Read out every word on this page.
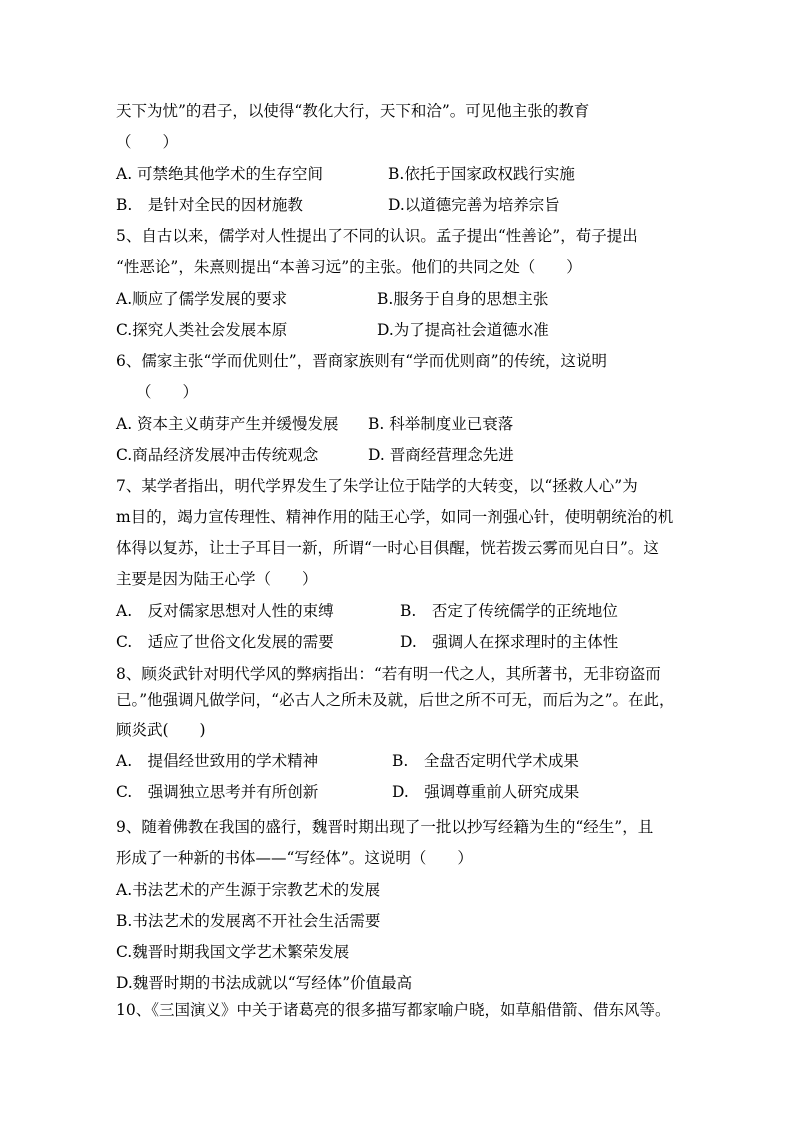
天下为忧”的君子，以使得“教化大行，天下和洽”。可见他主张的教育
（　　）
A. 可禁绝其他学术的生存空间	B.依托于国家政权践行实施
B.　是针对全民的因材施教	D.以道德完善为培养宗旨
5、自古以来，儒学对人性提出了不同的认识。孟子提出“性善论”，荀子提出
“性恶论”，朱熹则提出“本善习远”的主张。他们的共同之处（　　）
A.顺应了儒学发展的要求	B.服务于自身的思想主张
C.探究人类社会发展本原	D.为了提高社会道德水准
6、儒家主张“学而优则仕”，晋商家族则有“学而优则商”的传统，这说明
（　　）
A. 资本主义萌芽产生并缓慢发展 B. 科举制度业已衰落
C.商品经济发展冲击传统观念	D. 晋商经营理念先进
7、某学者指出，明代学界发生了朱学让位于陆学的大转变，以“拯救人心”为
m目的，竭力宣传理性、精神作用的陆王心学，如同一剂强心针，使明朝统治的机
体得以复苏，让士子耳目一新，所谓“一时心目俱醒，恍若拨云雾而见白日”。这
主要是因为陆王心学（　　）
A.　反对儒家思想对人性的束缚	B.　否定了传统儒学的正统地位
C.　适应了世俗文化发展的需要	D.　强调人在探求理时的主体性
8、顾炎武针对明代学风的弊病指出：“若有明一代之人，其所著书，无非窃盗而
已。”他强调凡做学问，“必古人之所未及就，后世之所不可无，而后为之”。在此，
顾炎武(　　)
A.　提倡经世致用的学术精神	B.　全盘否定明代学术成果
C.　强调独立思考并有所创新	D.　强调尊重前人研究成果
9、随着佛教在我国的盛行，魏晋时期出现了一批以抄写经籍为生的“经生”，且
形成了一种新的书体——“写经体”。这说明（　　）
A.书法艺术的产生源于宗教艺术的发展
B.书法艺术的发展离不开社会生活需要
C.魏晋时期我国文学艺术繁荣发展
D.魏晋时期的书法成就以“写经体”价值最高
10、《三国演义》中关于诸葛亮的很多描写都家喻户晓，如草船借箭、借东风等。
